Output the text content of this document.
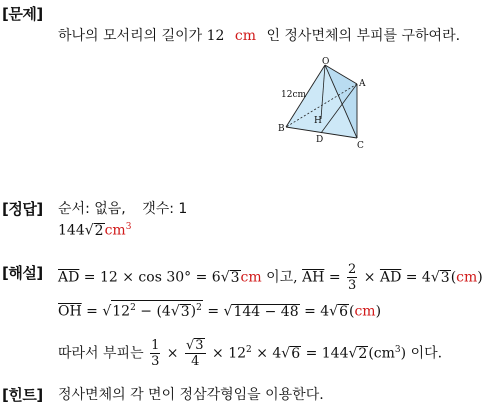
[문제]
하나의 모서리의 길이가 12 cm 인 정사면체의 부피를 구하여라.
O
A
B
C
D
H
12cm
[정답] 순서: 없음, 갯수: 1
$144√2cm^3$
[해설] $\overline{AD} = 12 \times \cos 30^\circ = 6√3cm$ 이고, $\overline{AH} = \frac{2}{3} \times \overline{AD} = 4√3(cm)$
$\overline{OH} = √12^2 - (4√3)^2 = √144 - 48 = 4√6(cm)$
따라서 부피는 $\frac{1}{3} \times \frac{√3}{4} \times 12^2 \times 4√6 = 144√2(cm^3)$ 이다.
[힌트] 정사면체의 각 면이 정삼각형임을 이용한다.
